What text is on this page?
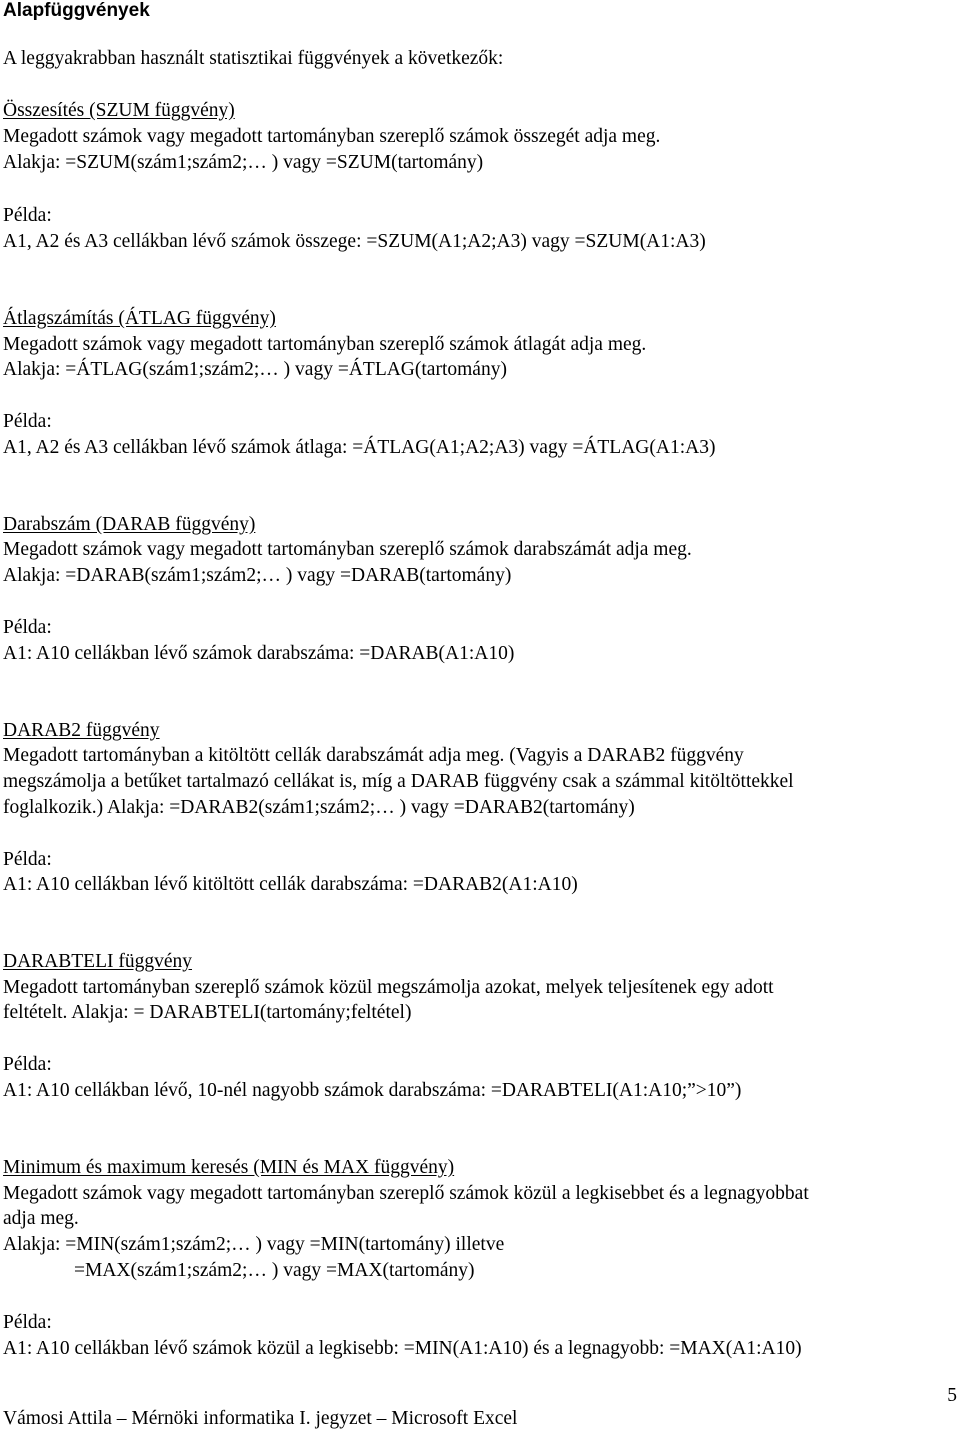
Alapfüggvények
A leggyakrabban használt statisztikai függvények a következők:
Összesítés (SZUM függvény)
Megadott számok vagy megadott tartományban szereplő számok összegét adja meg.
Alakja: =SZUM(szám1;szám2;… ) vagy =SZUM(tartomány)
Példa:
A1, A2 és A3 cellákban lévő számok összege: =SZUM(A1;A2;A3) vagy =SZUM(A1:A3)
Átlagszámítás (ÁTLAG függvény)
Megadott számok vagy megadott tartományban szereplő számok átlagát adja meg.
Alakja: =ÁTLAG(szám1;szám2;… ) vagy =ÁTLAG(tartomány)
Példa:
A1, A2 és A3 cellákban lévő számok átlaga: =ÁTLAG(A1;A2;A3) vagy =ÁTLAG(A1:A3)
Darabszám (DARAB függvény)
Megadott számok vagy megadott tartományban szereplő számok darabszámát adja meg.
Alakja: =DARAB(szám1;szám2;… ) vagy =DARAB(tartomány)
Példa:
A1: A10 cellákban lévő számok darabszáma: =DARAB(A1:A10)
DARAB2 függvény
Megadott tartományban a kitöltött cellák darabszámát adja meg. (Vagyis a DARAB2 függvény
megszámolja a betűket tartalmazó cellákat is, míg a DARAB függvény csak a számmal kitöltöttekkel
foglalkozik.) Alakja: =DARAB2(szám1;szám2;… ) vagy =DARAB2(tartomány)
Példa:
A1: A10 cellákban lévő kitöltött cellák darabszáma: =DARAB2(A1:A10)
DARABTELI függvény
Megadott tartományban szereplő számok közül megszámolja azokat, melyek teljesítenek egy adott
feltételt. Alakja: = DARABTELI(tartomány;feltétel)
Példa:
A1: A10 cellákban lévő, 10-nél nagyobb számok darabszáma: =DARABTELI(A1:A10;”>10”)
Minimum és maximum keresés (MIN és MAX függvény)
Megadott számok vagy megadott tartományban szereplő számok közül a legkisebbet és a legnagyobbat
adja meg.
Alakja: =MIN(szám1;szám2;… ) vagy =MIN(tartomány) illetve
=MAX(szám1;szám2;… ) vagy =MAX(tartomány)
Példa:
A1: A10 cellákban lévő számok közül a legkisebb: =MIN(A1:A10) és a legnagyobb: =MAX(A1:A10)
5
Vámosi Attila – Mérnöki informatika I. jegyzet – Microsoft Excel
